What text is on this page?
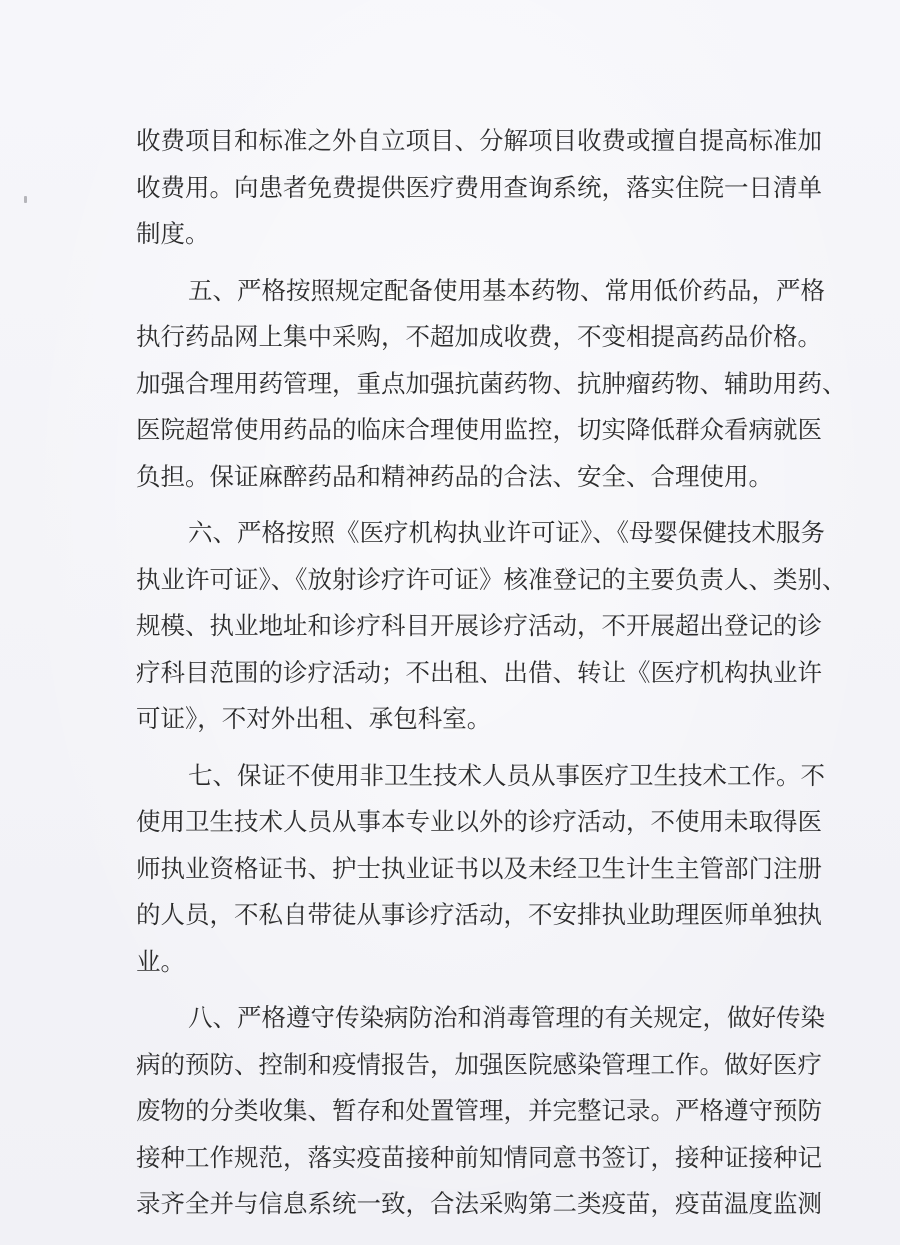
收费项目和标准之外自立项目、分解项目收费或擅自提高标准加
收费用。向患者免费提供医疗费用查询系统，落实住院一日清单
制度。
五、严格按照规定配备使用基本药物、常用低价药品，严格
执行药品网上集中采购，不超加成收费，不变相提高药品价格。
加强合理用药管理，重点加强抗菌药物、抗肿瘤药物、辅助用药、
医院超常使用药品的临床合理使用监控，切实降低群众看病就医
负担。保证麻醉药品和精神药品的合法、安全、合理使用。
六、严格按照《医疗机构执业许可证》、《母婴保健技术服务
执业许可证》、《放射诊疗许可证》核准登记的主要负责人、类别、
规模、执业地址和诊疗科目开展诊疗活动，不开展超出登记的诊
疗科目范围的诊疗活动；不出租、出借、转让《医疗机构执业许
可证》，不对外出租、承包科室。
七、保证不使用非卫生技术人员从事医疗卫生技术工作。不
使用卫生技术人员从事本专业以外的诊疗活动，不使用未取得医
师执业资格证书、护士执业证书以及未经卫生计生主管部门注册
的人员，不私自带徒从事诊疗活动，不安排执业助理医师单独执
业。
八、严格遵守传染病防治和消毒管理的有关规定，做好传染
病的预防、控制和疫情报告，加强医院感染管理工作。做好医疗
废物的分类收集、暂存和处置管理，并完整记录。严格遵守预防
接种工作规范，落实疫苗接种前知情同意书签订，接种证接种记
录齐全并与信息系统一致，合法采购第二类疫苗，疫苗温度监测
